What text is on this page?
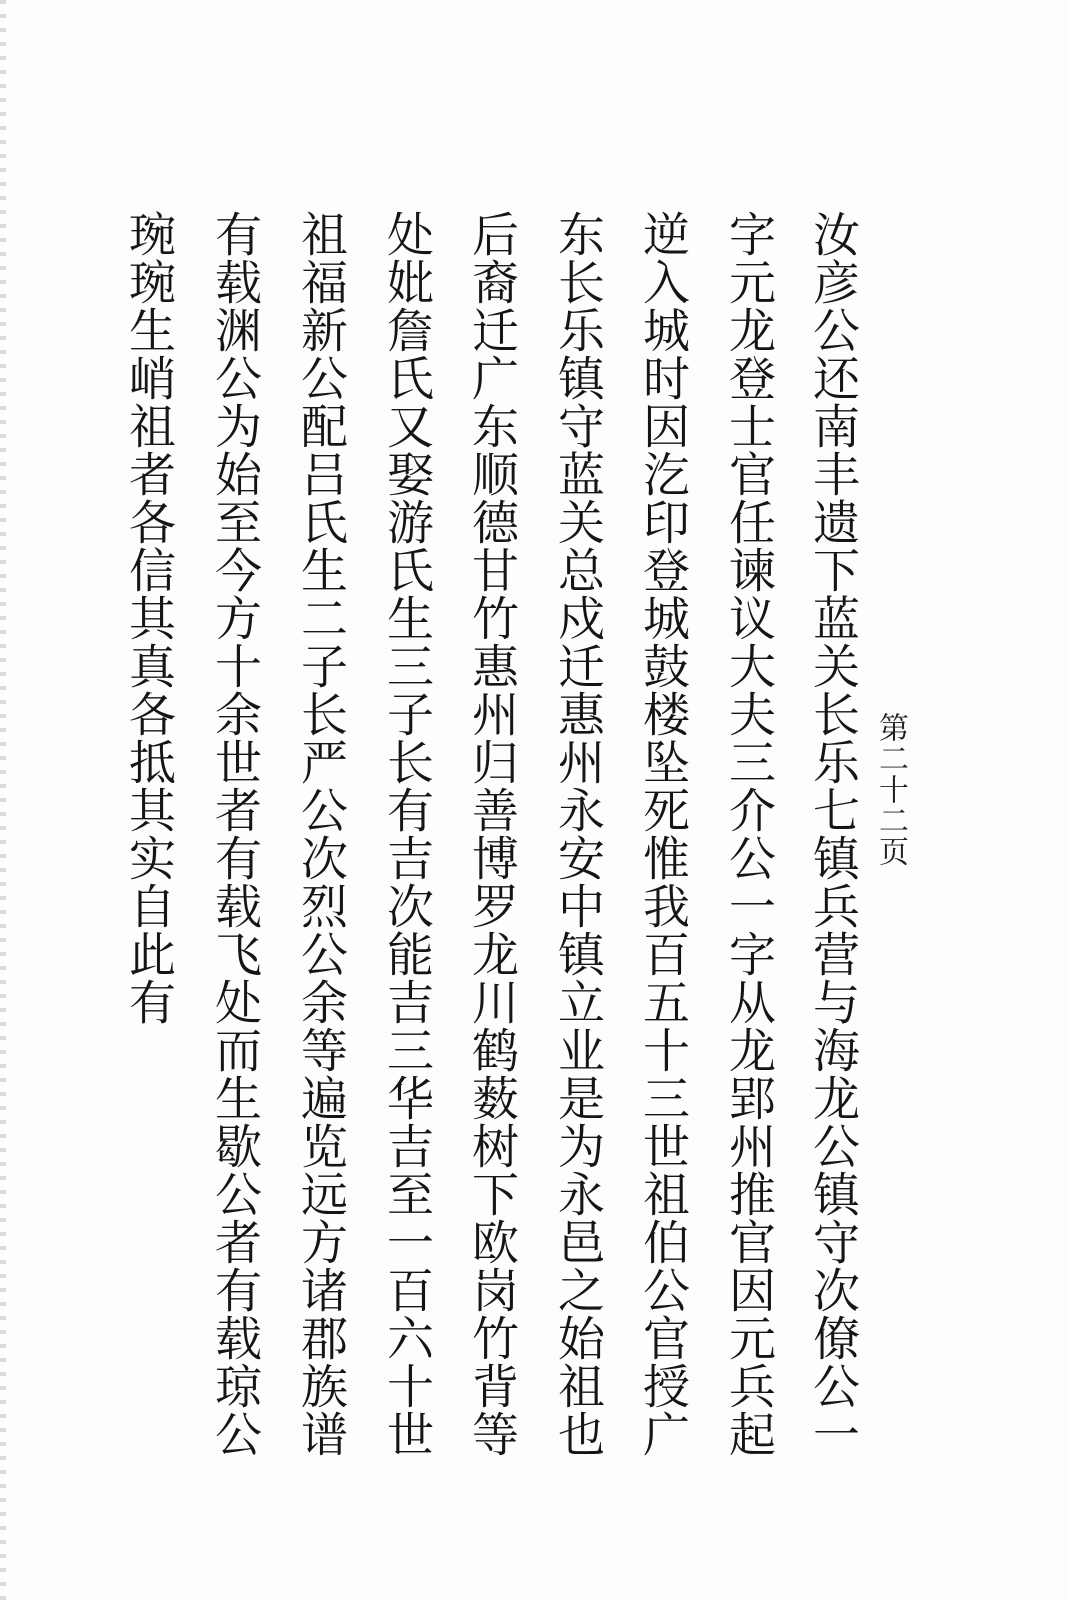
第二十二页
汝彦公还南丰遗下蓝关长乐七镇兵营与海龙公镇守次僚公一
字元龙登士官任谏议大夫三介公一字从龙郢州推官因元兵起
逆入城时因汔印登城鼓楼坠死惟我百五十三世祖伯公官授广
东长乐镇守蓝关总戍迁惠州永安中镇立业是为永邑之始祖也
后裔迁广东顺德甘竹惠州归善博罗龙川鹤薮树下欧岗竹背等
处妣詹氏又娶游氏生三子长有吉次能吉三华吉至一百六十世
祖福新公配吕氏生二子长严公次烈公余等遍览远方诸郡族谱
有载渊公为始至今方十余世者有载飞处而生歇公者有载琼公
琬琬生峭祖者各信其真各抵其实自此有
